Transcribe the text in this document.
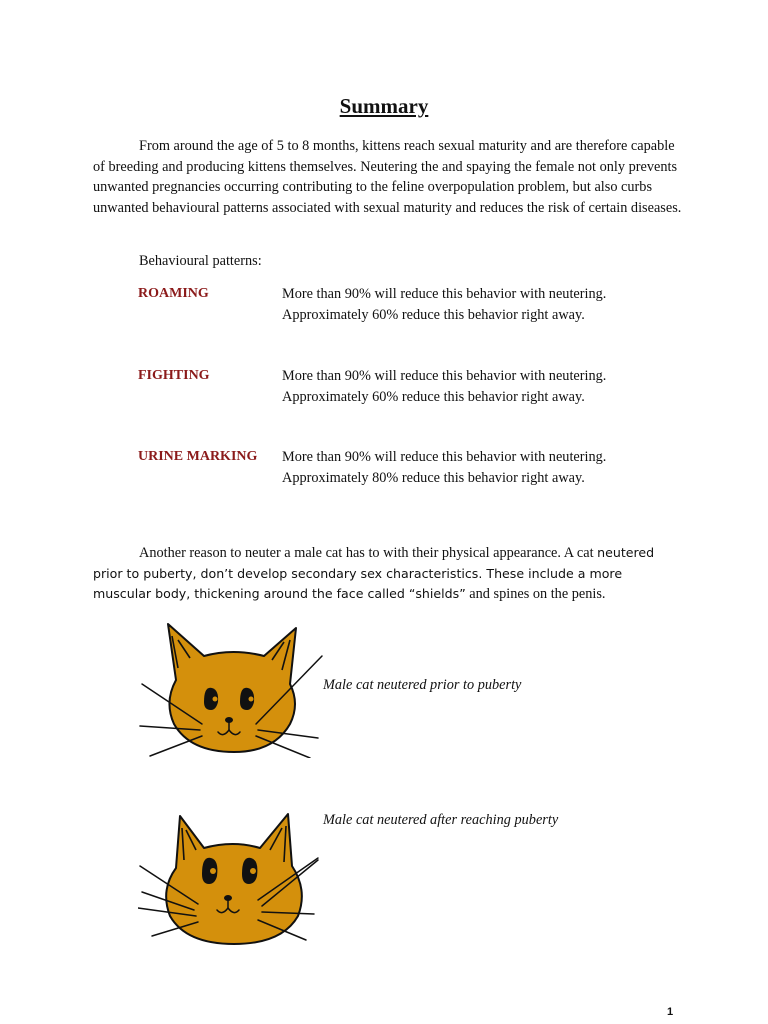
Summary

From around the age of 5 to 8 months, kittens reach sexual maturity and are therefore capable of breeding and producing kittens themselves. Neutering the and spaying the female not only prevents unwanted pregnancies occurring contributing to the feline overpopulation problem, but also curbs unwanted behavioural patterns associated with sexual maturity and reduces the risk of certain diseases.

Behavioural patterns:
ROAMING	More than 90% will reduce this behavior with neutering.
Approximately 60% reduce this behavior right away.

FIGHTING	More than 90% will reduce this behavior with neutering.
Approximately 60% reduce this behavior right away.

URINE MARKING More than 90% will reduce this behavior with neutering.
Approximately 80% reduce this behavior right away.

Another reason to neuter a male cat has to with their physical appearance. A cat neutered prior to puberty, don’t develop secondary sex characteristics. These include a more muscular body, thickening around the face called “shields” and spines on the penis.

Male cat neutered prior to puberty
Male cat neutered after reaching puberty
1
